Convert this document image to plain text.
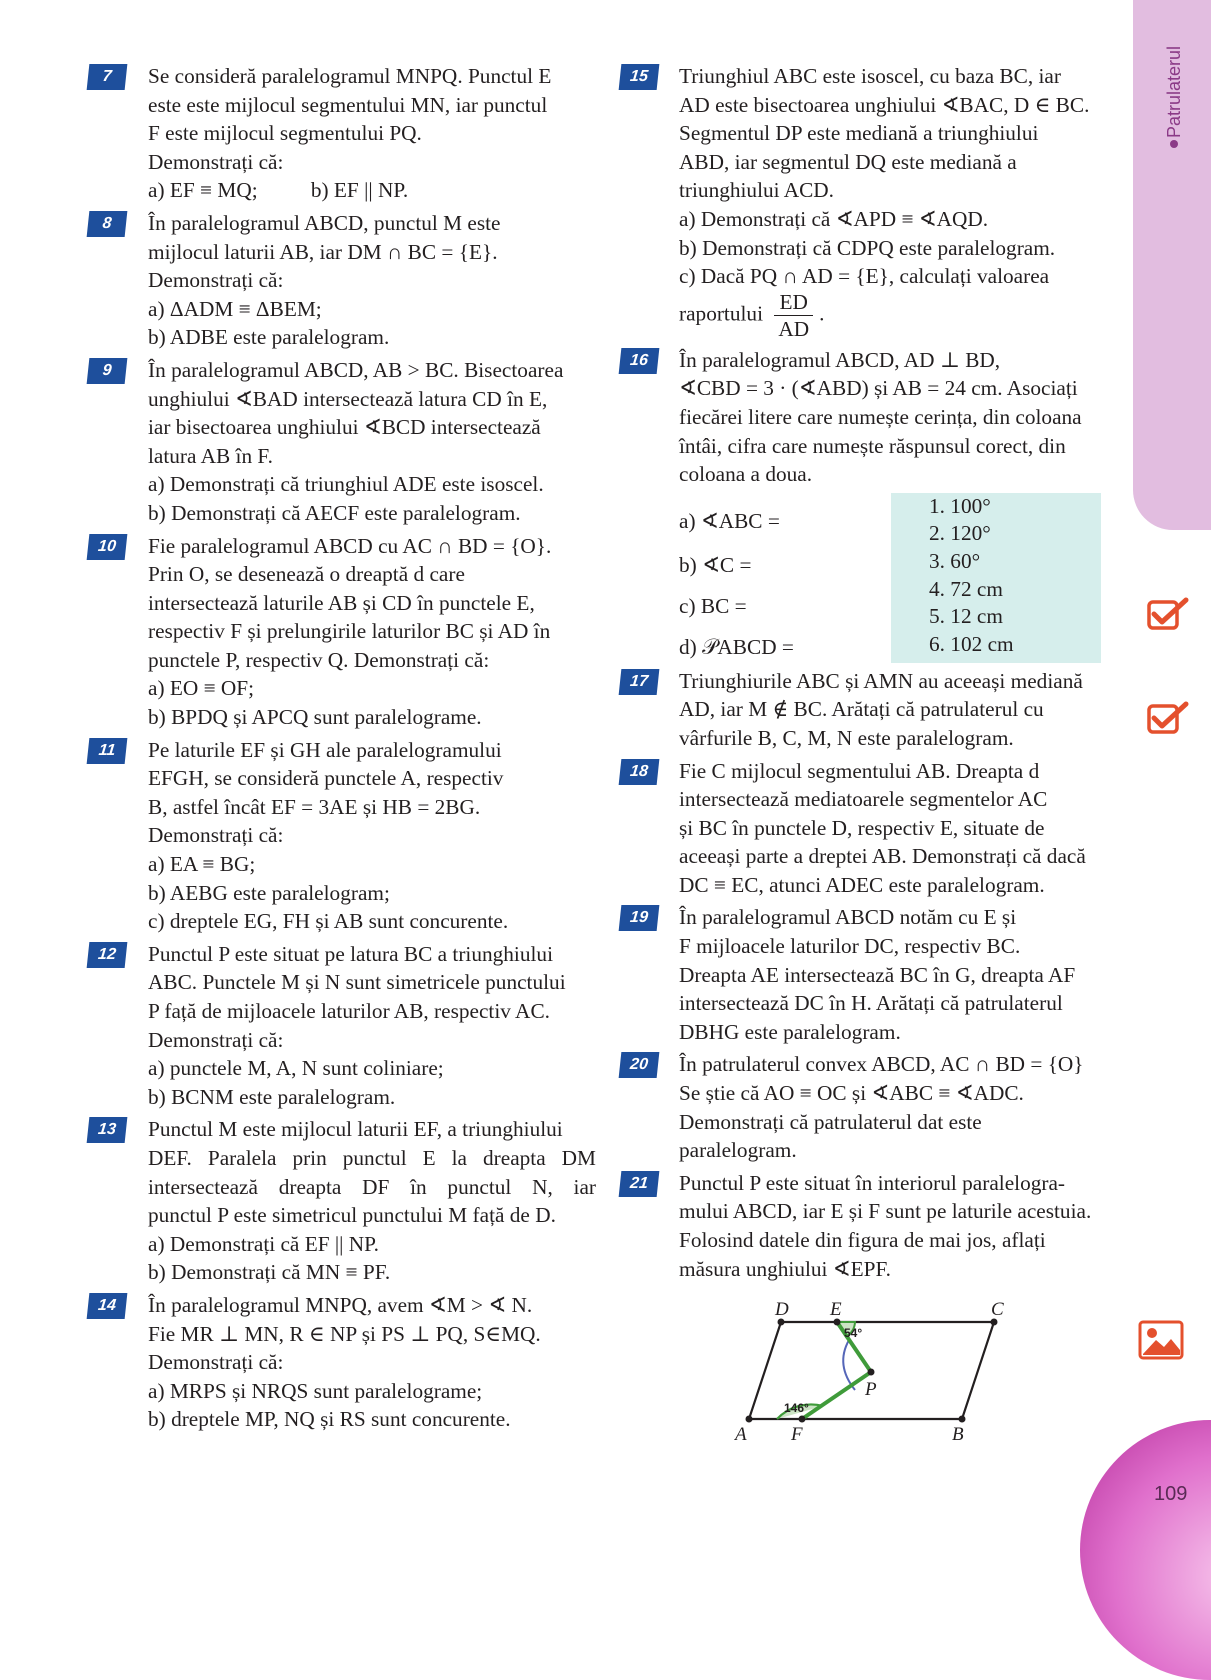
Patrulaterul
7	Se consideră paralelogramul MNPQ. Punctul E
este este mijlocul segmentului MN, iar punctul
F este mijlocul segmentului PQ.
Demonstrați că:
a) EF ≡ MQ;          b) EF || NP.
8	În paralelogramul ABCD, punctul M este
mijlocul laturii AB, iar DM ∩ BC = {E}.
Demonstrați că:
a) ΔADM ≡ ΔBEM;
b) ADBE este paralelogram.
9	În paralelogramul ABCD, AB > BC. Bisectoarea
unghiului ∢BAD intersectează latura CD în E,
iar bisectoarea unghiului ∢BCD intersectează
latura AB în F.
a) Demonstrați că triunghiul ADE este isoscel.
b) Demonstrați că AECF este paralelogram.
10	Fie paralelogramul ABCD cu AC ∩ BD = {O}.
Prin O, se desenează o dreaptă d care
intersectează laturile AB și CD în punctele E,
respectiv F și prelungirile laturilor BC și AD în
punctele P, respectiv Q. Demonstrați că:
a) EO ≡ OF;
b) BPDQ și APCQ sunt paralelograme.
11	Pe laturile EF și GH ale paralelogramului
EFGH, se consideră punctele A, respectiv
B, astfel încât EF = 3AE și HB = 2BG.
Demonstrați că:
a) EA ≡ BG;
b) AEBG este paralelogram;
c) dreptele EG, FH și AB sunt concurente.
12	Punctul P este situat pe latura BC a triunghiului
ABC. Punctele M și N sunt simetricele punctului
P față de mijloacele laturilor AB, respectiv AC.
Demonstrați că:
a) punctele M, A, N sunt coliniare;
b) BCNM este paralelogram.
13	Punctul M este mijlocul laturii EF, a triunghiului
DEF. Paralela prin punctul E la dreapta DM
intersectează dreapta DF în punctul N, iar
punctul P este simetricul punctului M față de D.
a) Demonstrați că EF || NP.
b) Demonstrați că MN ≡ PF.
14	În paralelogramul MNPQ, avem ∢M > ∢ N.
Fie MR ⊥ MN, R ∈ NP și PS ⊥ PQ, S∈MQ.
Demonstrați că:
a) MRPS și NRQS sunt paralelograme;
b) dreptele MP, NQ și RS sunt concurente.
15	Triunghiul ABC este isoscel, cu baza BC, iar
AD este bisectoarea unghiului ∢BAC, D ∈ BC.
Segmentul DP este mediană a triunghiului
ABD, iar segmentul DQ este mediană a
triunghiului ACD.
a) Demonstrați că ∢APD ≡ ∢AQD.
b) Demonstrați că CDPQ este paralelogram.
c) Dacă PQ ∩ AD = {E}, calculați valoarea
raportului $\frac{ED}{AD}$ .
16	În paralelogramul ABCD, AD ⊥ BD,
∢CBD = 3 · (∢ABD) și AB = 24 cm. Asociați
fiecărei litere care numește cerința, din coloana
întâi, cifra care numește răspunsul corect, din
coloana a doua.
1. 100°
2. 120°
3. 60°
4. 72 cm
5. 12 cm
6. 102 cm
a) ∢ABC =
b) ∢C =
c) BC =
d) 𝒫ABCD =
17	Triunghiurile ABC și AMN au aceeași mediană
AD, iar M ∉ BC. Arătați că patrulaterul cu
vârfurile B, C, M, N este paralelogram.
18	Fie C mijlocul segmentului AB. Dreapta d
intersectează mediatoarele segmentelor AC
și BC în punctele D, respectiv E, situate de
aceeași parte a dreptei AB. Demonstrați că dacă
DC ≡ EC, atunci ADEC este paralelogram.
19	În paralelogramul ABCD notăm cu E și
F mijloacele laturilor DC, respectiv BC.
Dreapta AE intersectează BC în G, dreapta AF
intersectează DC în H. Arătați că patrulaterul
DBHG este paralelogram.
20	În patrulaterul convex ABCD, AC ∩ BD = {O}
Se știe că AO ≡ OC și ∢ABC ≡ ∢ADC.
Demonstrați că patrulaterul dat este
paralelogram.
21	Punctul P este situat în interiorul paralelogra-
mului ABCD, iar E și F sunt pe laturile acestuia.
Folosind datele din figura de mai jos, aflați
măsura unghiului ∢EPF.
D E	C
A F	B
P
54°
146°
109
